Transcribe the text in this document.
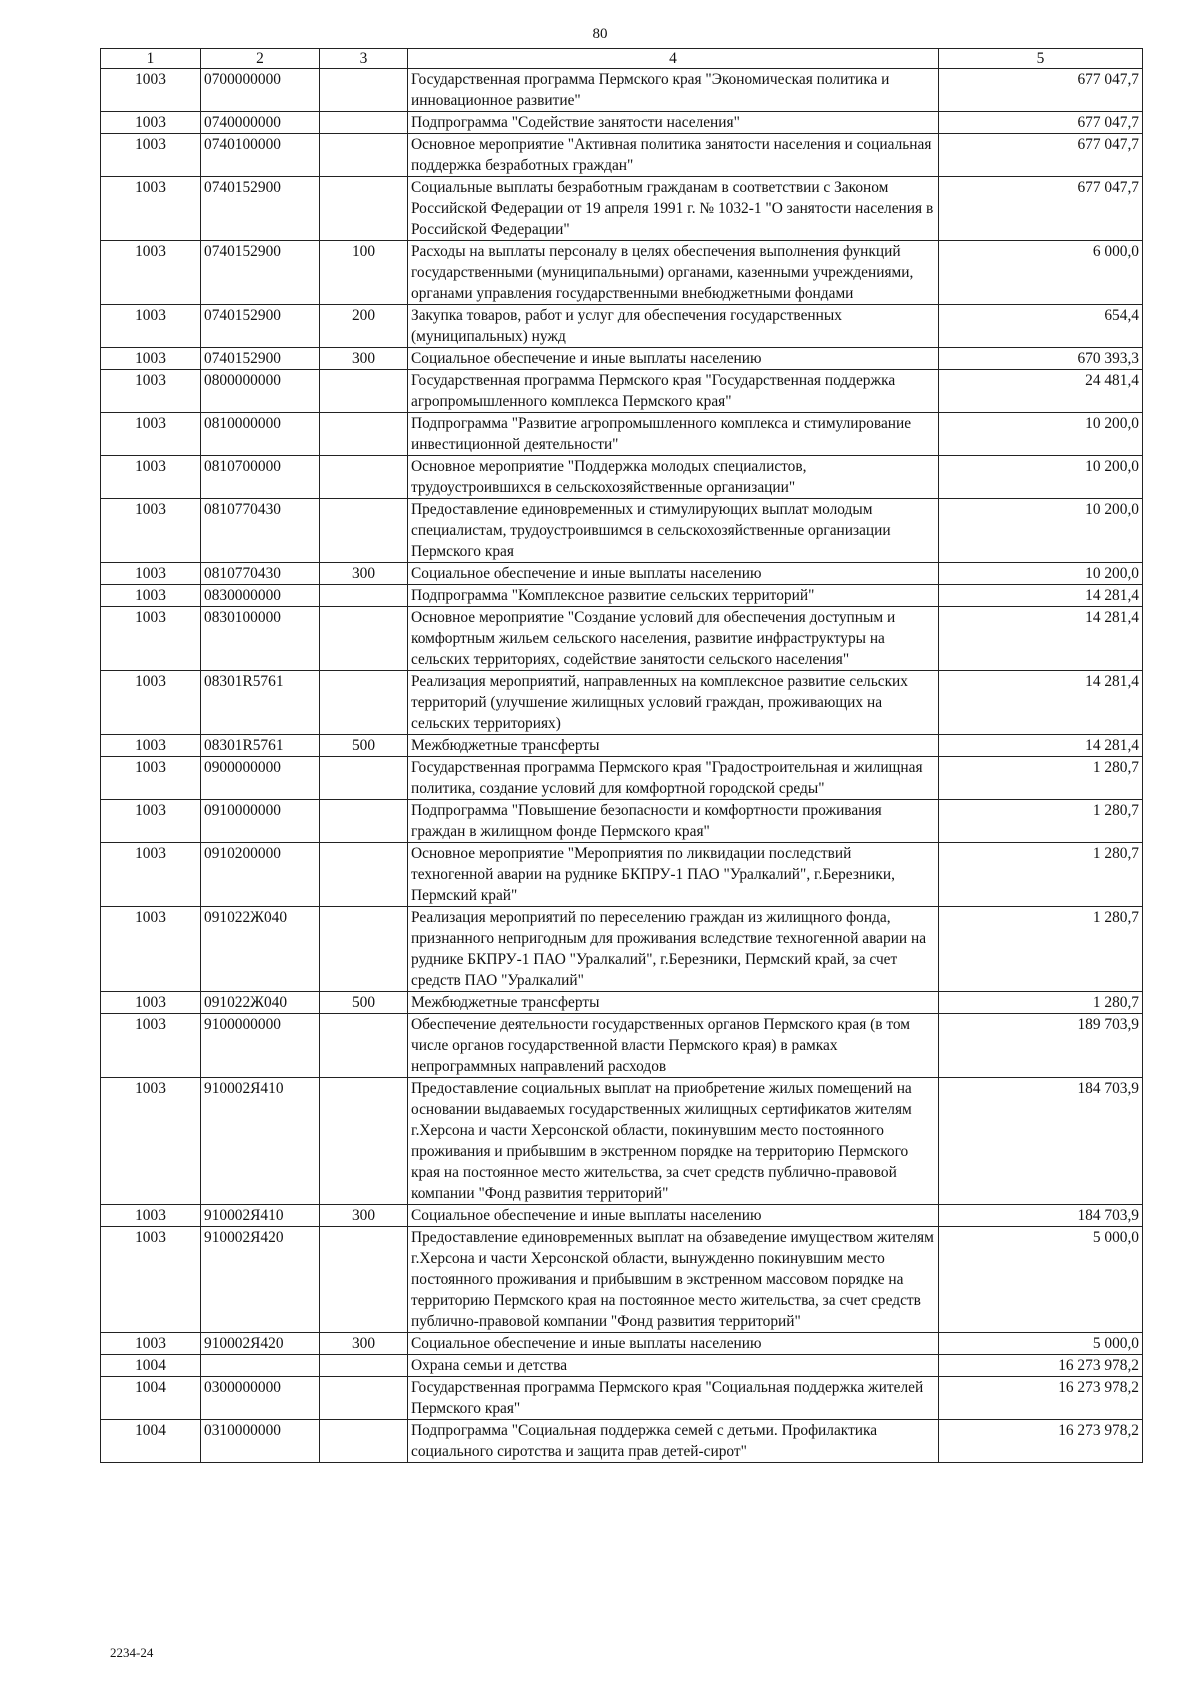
80
1	2	3	4	5
1003	0700000000		Государственная программа Пермского края "Экономическая политика и инновационное развитие"	677 047,7
1003	0740000000		Подпрограмма "Содействие занятости населения"	677 047,7
1003	0740100000		Основное мероприятие "Активная политика занятости населения и социальная поддержка безработных граждан"	677 047,7
1003	0740152900		Социальные выплаты безработным гражданам в соответствии с Законом Российской Федерации от 19 апреля 1991 г. № 1032-1 "О занятости населения в Российской Федерации"	677 047,7
1003	0740152900	100	Расходы на выплаты персоналу в целях обеспечения выполнения функций государственными (муниципальными) органами, казенными учреждениями, органами управления государственными внебюджетными фондами	6 000,0
1003	0740152900	200	Закупка товаров, работ и услуг для обеспечения государственных (муниципальных) нужд	654,4
1003	0740152900	300	Социальное обеспечение и иные выплаты населению	670 393,3
1003	0800000000		Государственная программа Пермского края "Государственная поддержка агропромышленного комплекса Пермского края"	24 481,4
1003	0810000000		Подпрограмма "Развитие агропромышленного комплекса и стимулирование инвестиционной деятельности"	10 200,0
1003	0810700000		Основное мероприятие "Поддержка молодых специалистов, трудоустроившихся в сельскохозяйственные организации"	10 200,0
1003	0810770430		Предоставление единовременных и стимулирующих выплат молодым специалистам, трудоустроившимся в сельскохозяйственные организации Пермского края	10 200,0
1003	0810770430	300	Социальное обеспечение и иные выплаты населению	10 200,0
1003	0830000000		Подпрограмма "Комплексное развитие сельских территорий"	14 281,4
1003	0830100000		Основное мероприятие "Создание условий для обеспечения доступным и комфортным жильем сельского населения, развитие инфраструктуры на сельских территориях, содействие занятости сельского населения"	14 281,4
1003	08301R5761		Реализация мероприятий, направленных на комплексное развитие сельских территорий (улучшение жилищных условий граждан, проживающих на сельских территориях)	14 281,4
1003	08301R5761	500	Межбюджетные трансферты	14 281,4
1003	0900000000		Государственная программа Пермского края "Градостроительная и жилищная политика, создание условий для комфортной городской среды"	1 280,7
1003	0910000000		Подпрограмма "Повышение безопасности и комфортности проживания граждан в жилищном фонде Пермского края"	1 280,7
1003	0910200000		Основное мероприятие "Мероприятия по ликвидации последствий техногенной аварии на руднике БКПРУ-1 ПАО "Уралкалий", г.Березники, Пермский край"	1 280,7
1003	091022Ж040		Реализация мероприятий по переселению граждан из жилищного фонда, признанного непригодным для проживания вследствие техногенной аварии на руднике БКПРУ-1 ПАО "Уралкалий", г.Березники, Пермский край, за счет средств ПАО "Уралкалий"	1 280,7
1003	091022Ж040	500	Межбюджетные трансферты	1 280,7
1003	9100000000		Обеспечение деятельности государственных органов Пермского края (в том числе органов государственной власти Пермского края) в рамках непрограммных направлений расходов	189 703,9
1003	910002Я410		Предоставление социальных выплат на приобретение жилых помещений на основании выдаваемых государственных жилищных сертификатов жителям г.Херсона и части Херсонской области, покинувшим место постоянного проживания и прибывшим в экстренном порядке на территорию Пермского края на постоянное место жительства, за счет средств публично-правовой компании "Фонд развития территорий"	184 703,9
1003	910002Я410	300	Социальное обеспечение и иные выплаты населению	184 703,9
1003	910002Я420		Предоставление единовременных выплат на обзаведение имуществом жителям г.Херсона и части Херсонской области, вынужденно покинувшим место постоянного проживания и прибывшим в экстренном массовом порядке на территорию Пермского края на постоянное место жительства, за счет средств публично-правовой компании "Фонд развития территорий"	5 000,0
1003	910002Я420	300	Социальное обеспечение и иные выплаты населению	5 000,0
1004			Охрана семьи и детства	16 273 978,2
1004	0300000000		Государственная программа Пермского края "Социальная поддержка жителей Пермского края"	16 273 978,2
1004	0310000000		Подпрограмма "Социальная поддержка семей с детьми. Профилактика социального сиротства и защита прав детей-сирот"	16 273 978,2
2234-24
